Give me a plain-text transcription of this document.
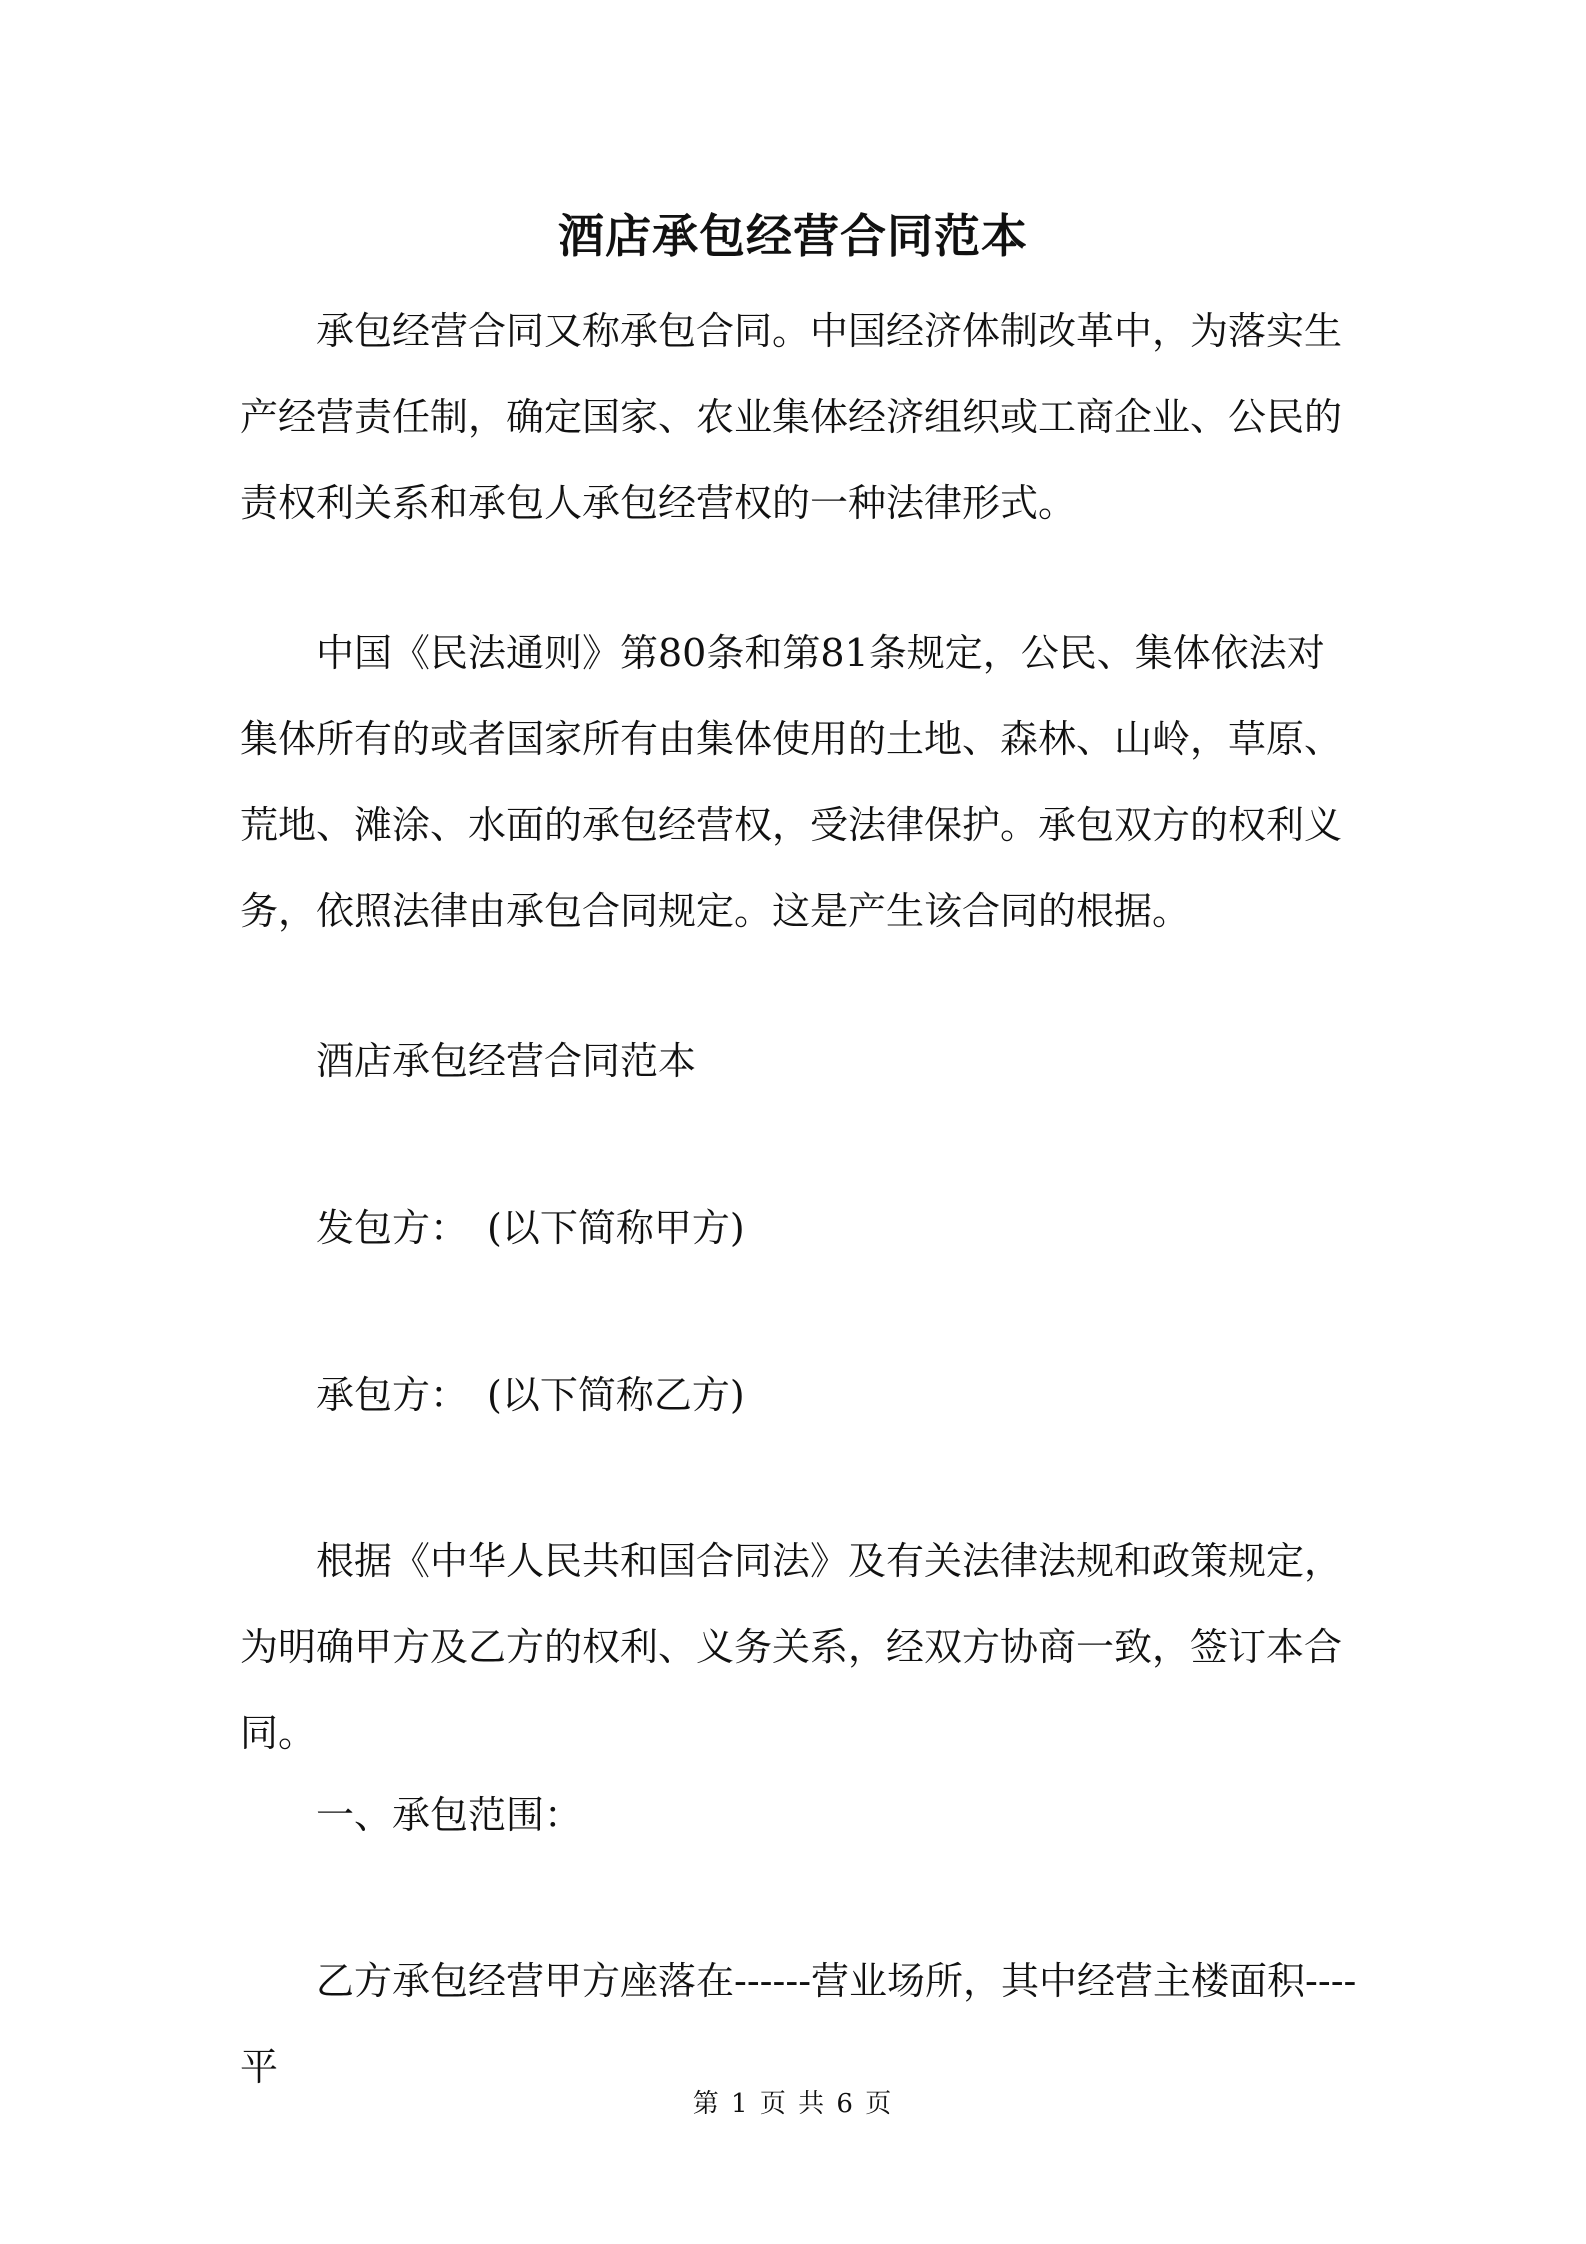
酒店承包经营合同范本

承包经营合同又称承包合同。中国经济体制改革中，为落实生产经营责任制，确定国家、农业集体经济组织或工商企业、公民的责权利关系和承包人承包经营权的一种法律形式。

中国《民法通则》第80条和第81条规定，公民、集体依法对集体所有的或者国家所有由集体使用的土地、森林、山岭，草原、荒地、滩涂、水面的承包经营权，受法律保护。承包双方的权利义务，依照法律由承包合同规定。这是产生该合同的根据。

酒店承包经营合同范本

发包方：　(以下简称甲方)

承包方：　(以下简称乙方)

根据《中华人民共和国合同法》及有关法律法规和政策规定，为明确甲方及乙方的权利、义务关系，经双方协商一致，签订本合同。

一、承包范围：

乙方承包经营甲方座落在------营业场所，其中经营主楼面积----平

第 1 页 共 6 页
